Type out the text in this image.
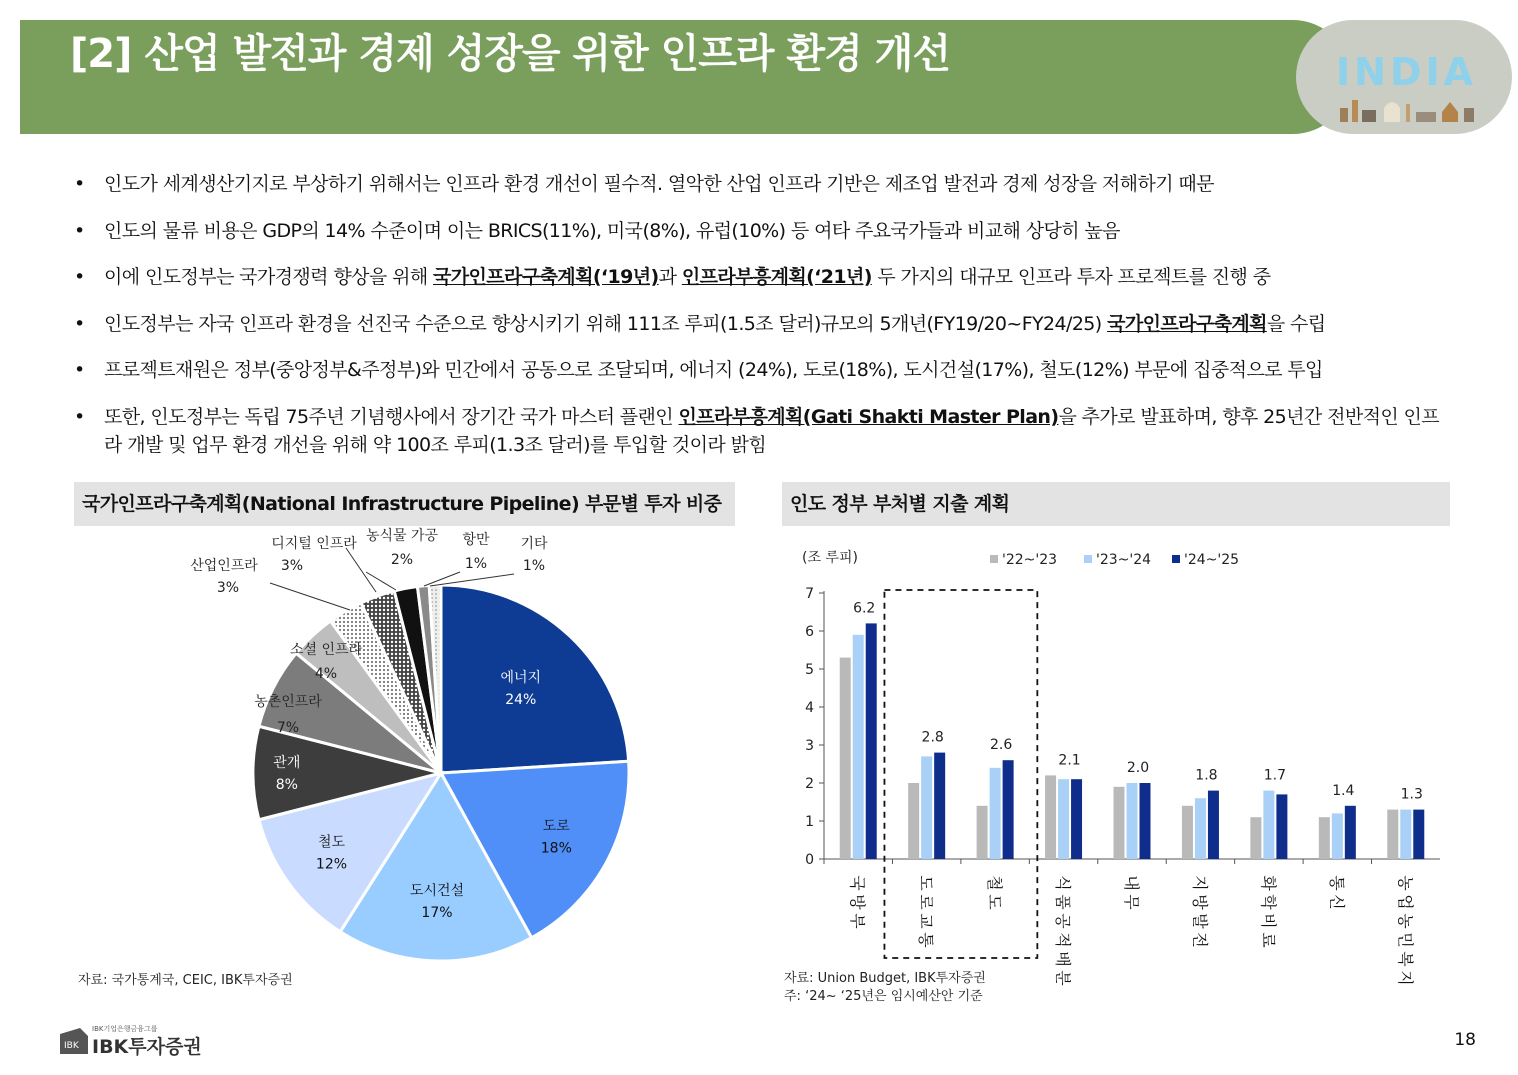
INDIA
[2] 산업 발전과 경제 성장을 위한 인프라 환경 개선
• 인도가 세계생산기지로 부상하기 위해서는 인프라 환경 개선이 필수적. 열악한 산업 인프라 기반은 제조업 발전과 경제 성장을 저해하기 때문
• 인도의 물류 비용은 GDP의 14% 수준이며 이는 BRICS(11%), 미국(8%), 유럽(10%) 등 여타 주요국가들과 비교해 상당히 높음
• 이에 인도정부는 국가경쟁력 향상을 위해 국가인프라구축계획(‘19년)과 인프라부흥계획(‘21년) 두 가지의 대규모 인프라 투자 프로젝트를 진행 중
• 인도정부는 자국 인프라 환경을 선진국 수준으로 향상시키기 위해 111조 루피(1.5조 달러)규모의 5개년(FY19/20~FY24/25) 국가인프라구축계획을 수립
• 프로젝트재원은 정부(중앙정부&주정부)와 민간에서 공동으로 조달되며, 에너지 (24%), 도로(18%), 도시건설(17%), 철도(12%) 부문에 집중적으로 투입
• 또한, 인도정부는 독립 75주년 기념행사에서 장기간 국가 마스터 플랜인 인프라부흥계획(Gati Shakti Master Plan)을 추가로 발표하며, 향후 25년간 전반적인 인프라 개발 및 업무 환경 개선을 위해 약 100조 루피(1.3조 달러)를 투입할 것이라 밝힘
국가인프라구축계획(National Infrastructure Pipeline) 부문별 투자 비중	인도 정부 부처별 지출 계획
에너지
24%
도로
18%
도시건설
17%
철도
12%
관개
8%
농촌인프라
7%
소셜 인프라
4%
산업인프라
3%
농식물 가공
2%
디지털 인프라
3%
항만
1%
기타
1%	(조 루피)	'22~'23	'23~'24 '24~'25
0
1
2
3
4
5
6
7
6.2
국
방
부
2.8
도
로
교
통
2.6
철
도
2.1
식
품
공
적
배
분
2.0
내
무
1.8
지
방
발
전
1.7
화
학
비
료
1.4
통
신
1.3
농
업
농
민
복
지
자료: 국가통계국, CEIC, IBK투자증권	자료: Union Budget, IBK투자증권
주: ‘24~ ‘25년은 임시예산안 기준
IBK
IBK기업은행금융그룹
IBK투자증권	18
